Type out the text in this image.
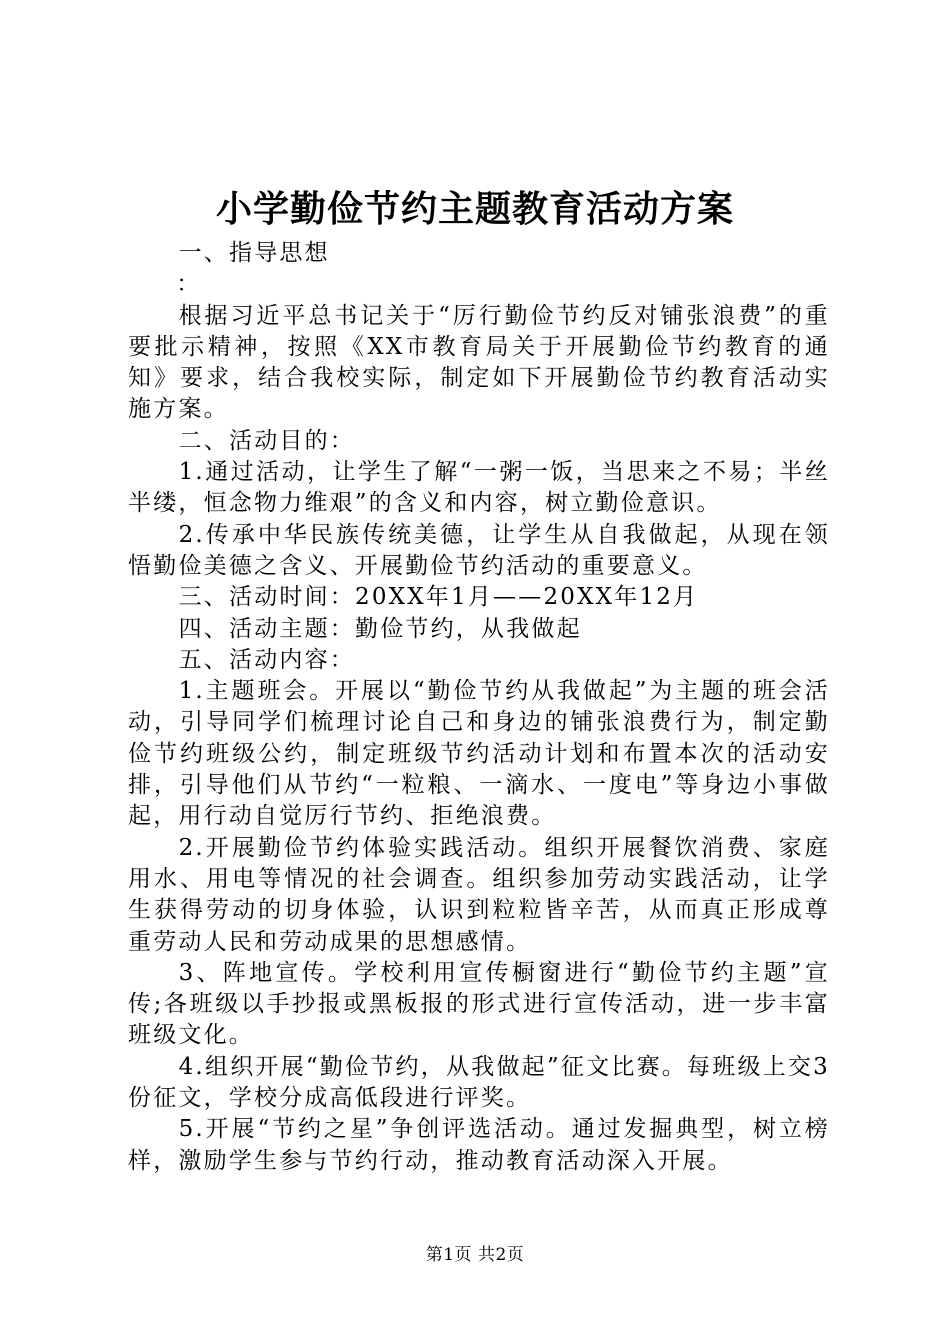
小学勤俭节约主题教育活动方案

一、指导思想

：

根据习近平总书记关于“厉行勤俭节约反对铺张浪费”的重要批示精神，按照《XX市教育局关于开展勤俭节约教育的通知》要求，结合我校实际，制定如下开展勤俭节约教育活动实施方案。

二、活动目的：

1.通过活动，让学生了解“一粥一饭，当思来之不易；半丝半缕，恒念物力维艰”的含义和内容，树立勤俭意识。

2.传承中华民族传统美德，让学生从自我做起，从现在领悟勤俭美德之含义、开展勤俭节约活动的重要意义。

三、活动时间：20XX年1月——20XX年12月

四、活动主题：勤俭节约，从我做起

五、活动内容：

1.主题班会。开展以“勤俭节约从我做起”为主题的班会活动，引导同学们梳理讨论自己和身边的铺张浪费行为，制定勤俭节约班级公约，制定班级节约活动计划和布置本次的活动安排，引导他们从节约“一粒粮、一滴水、一度电”等身边小事做起，用行动自觉厉行节约、拒绝浪费。

2.开展勤俭节约体验实践活动。组织开展餐饮消费、家庭用水、用电等情况的社会调查。组织参加劳动实践活动，让学生获得劳动的切身体验，认识到粒粒皆辛苦，从而真正形成尊重劳动人民和劳动成果的思想感情。

3、阵地宣传。学校利用宣传橱窗进行“勤俭节约主题”宣传;各班级以手抄报或黑板报的形式进行宣传活动，进一步丰富班级文化。

4.组织开展“勤俭节约，从我做起”征文比赛。每班级上交3份征文，学校分成高低段进行评奖。

5.开展“节约之星”争创评选活动。通过发掘典型，树立榜样，激励学生参与节约行动，推动教育活动深入开展。

第1页 共2页
